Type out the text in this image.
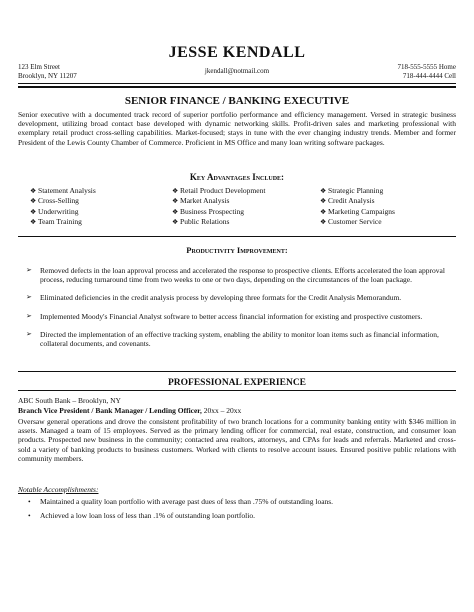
JESSE KENDALL
123 Elm Street
Brooklyn, NY 11207
jkendall@notmail.com	718-555-5555 Home
718-444-4444 Cell
SENIOR FINANCE / BANKING EXECUTIVE
Senior executive with a documented track record of superior portfolio performance and efficiency management. Versed in strategic business development, utilizing broad contact base developed with dynamic networking skills. Profit-driven sales and marketing professional with exemplary retail product cross-selling capabilities. Market-focused; stays in tune with the ever changing industry trends. Member and former President of the Lewis County Chamber of Commerce. Proficient in MS Office and many loan writing software packages.
Key Advantages Include:
❖ Statement Analysis
❖ Cross-Selling
❖ Underwriting
❖ Team Training
❖ Retail Product Development
❖ Market Analysis
❖ Business Prospecting
❖ Public Relations
❖ Strategic Planning
❖ Credit Analysis
❖ Marketing Campaigns
❖ Customer Service
Productivity Improvement:
➢ Removed defects in the loan approval process and accelerated the response to prospective clients. Efforts accelerated the loan approval process, reducing turnaround time from two weeks to one or two days, depending on the circumstances of the loan package.
➢ Eliminated deficiencies in the credit analysis process by developing three formats for the Credit Analysis Memorandum.
➢ Implemented Moody's Financial Analyst software to better access financial information for existing and prospective customers.
➢ Directed the implementation of an effective tracking system, enabling the ability to monitor loan items such as financial information, collateral documents, and covenants.
PROFESSIONAL EXPERIENCE
ABC South Bank – Brooklyn, NY
Branch Vice President / Bank Manager / Lending Officer, 20xx – 20xx
Oversaw general operations and drove the consistent profitability of two branch locations for a community banking entity with $346 million in assets. Managed a team of 15 employees. Served as the primary lending officer for commercial, real estate, construction, and consumer loan products. Prospected new business in the community; contacted area realtors, attorneys, and CPAs for leads and referrals. Marketed and cross-sold a variety of banking products to business customers. Worked with clients to resolve account issues. Ensured positive public relations with community members.
Notable Accomplishments:
• Maintained a quality loan portfolio with average past dues of less than .75% of outstanding loans.
• Achieved a low loan loss of less than .1% of outstanding loan portfolio.
